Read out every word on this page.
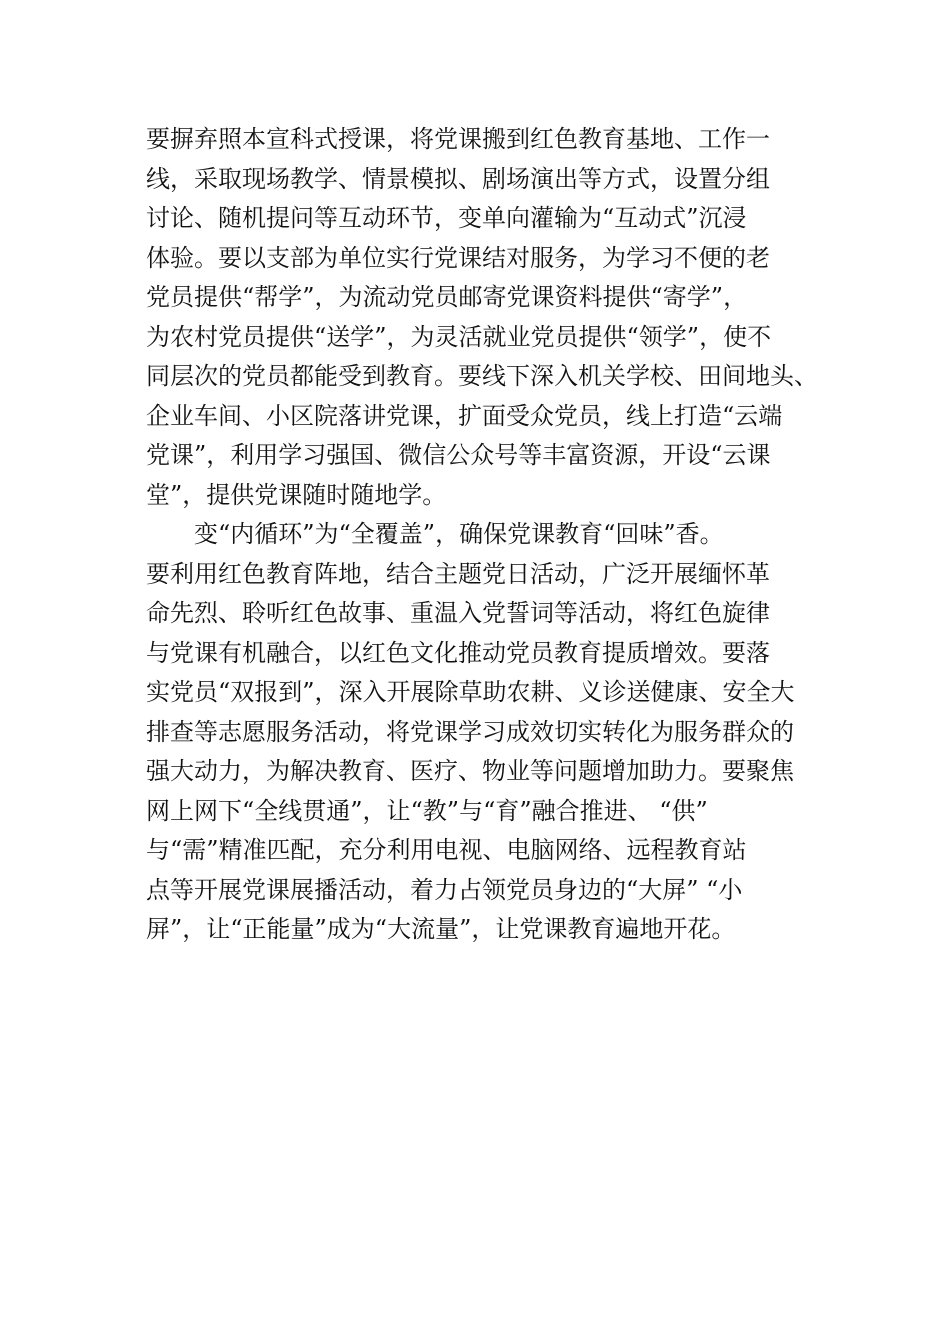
要摒弃照本宣科式授课，将党课搬到红色教育基地、工作一
线，采取现场教学、情景模拟、剧场演出等方式，设置分组
讨论、随机提问等互动环节，变单向灌输为“互动式”沉浸
体验。要以支部为单位实行党课结对服务，为学习不便的老
党员提供“帮学”，为流动党员邮寄党课资料提供“寄学”，
为农村党员提供“送学”，为灵活就业党员提供“领学”，使不
同层次的党员都能受到教育。要线下深入机关学校、田间地头、
企业车间、小区院落讲党课，扩面受众党员，线上打造“云端
党课”，利用学习强国、微信公众号等丰富资源，开设“云课
堂”，提供党课随时随地学。
变“内循环”为“全覆盖”，确保党课教育“回味”香。
要利用红色教育阵地，结合主题党日活动，广泛开展缅怀革
命先烈、聆听红色故事、重温入党誓词等活动，将红色旋律
与党课有机融合，以红色文化推动党员教育提质增效。要落
实党员“双报到”，深入开展除草助农耕、义诊送健康、安全大
排查等志愿服务活动，将党课学习成效切实转化为服务群众的
强大动力，为解决教育、医疗、物业等问题增加助力。要聚焦
网上网下“全线贯通”，让“教”与“育”融合推进、 “供”
与“需”精准匹配，充分利用电视、电脑网络、远程教育站
点等开展党课展播活动，着力占领党员身边的“大屏” “小
屏”，让“正能量”成为“大流量”，让党课教育遍地开花。
